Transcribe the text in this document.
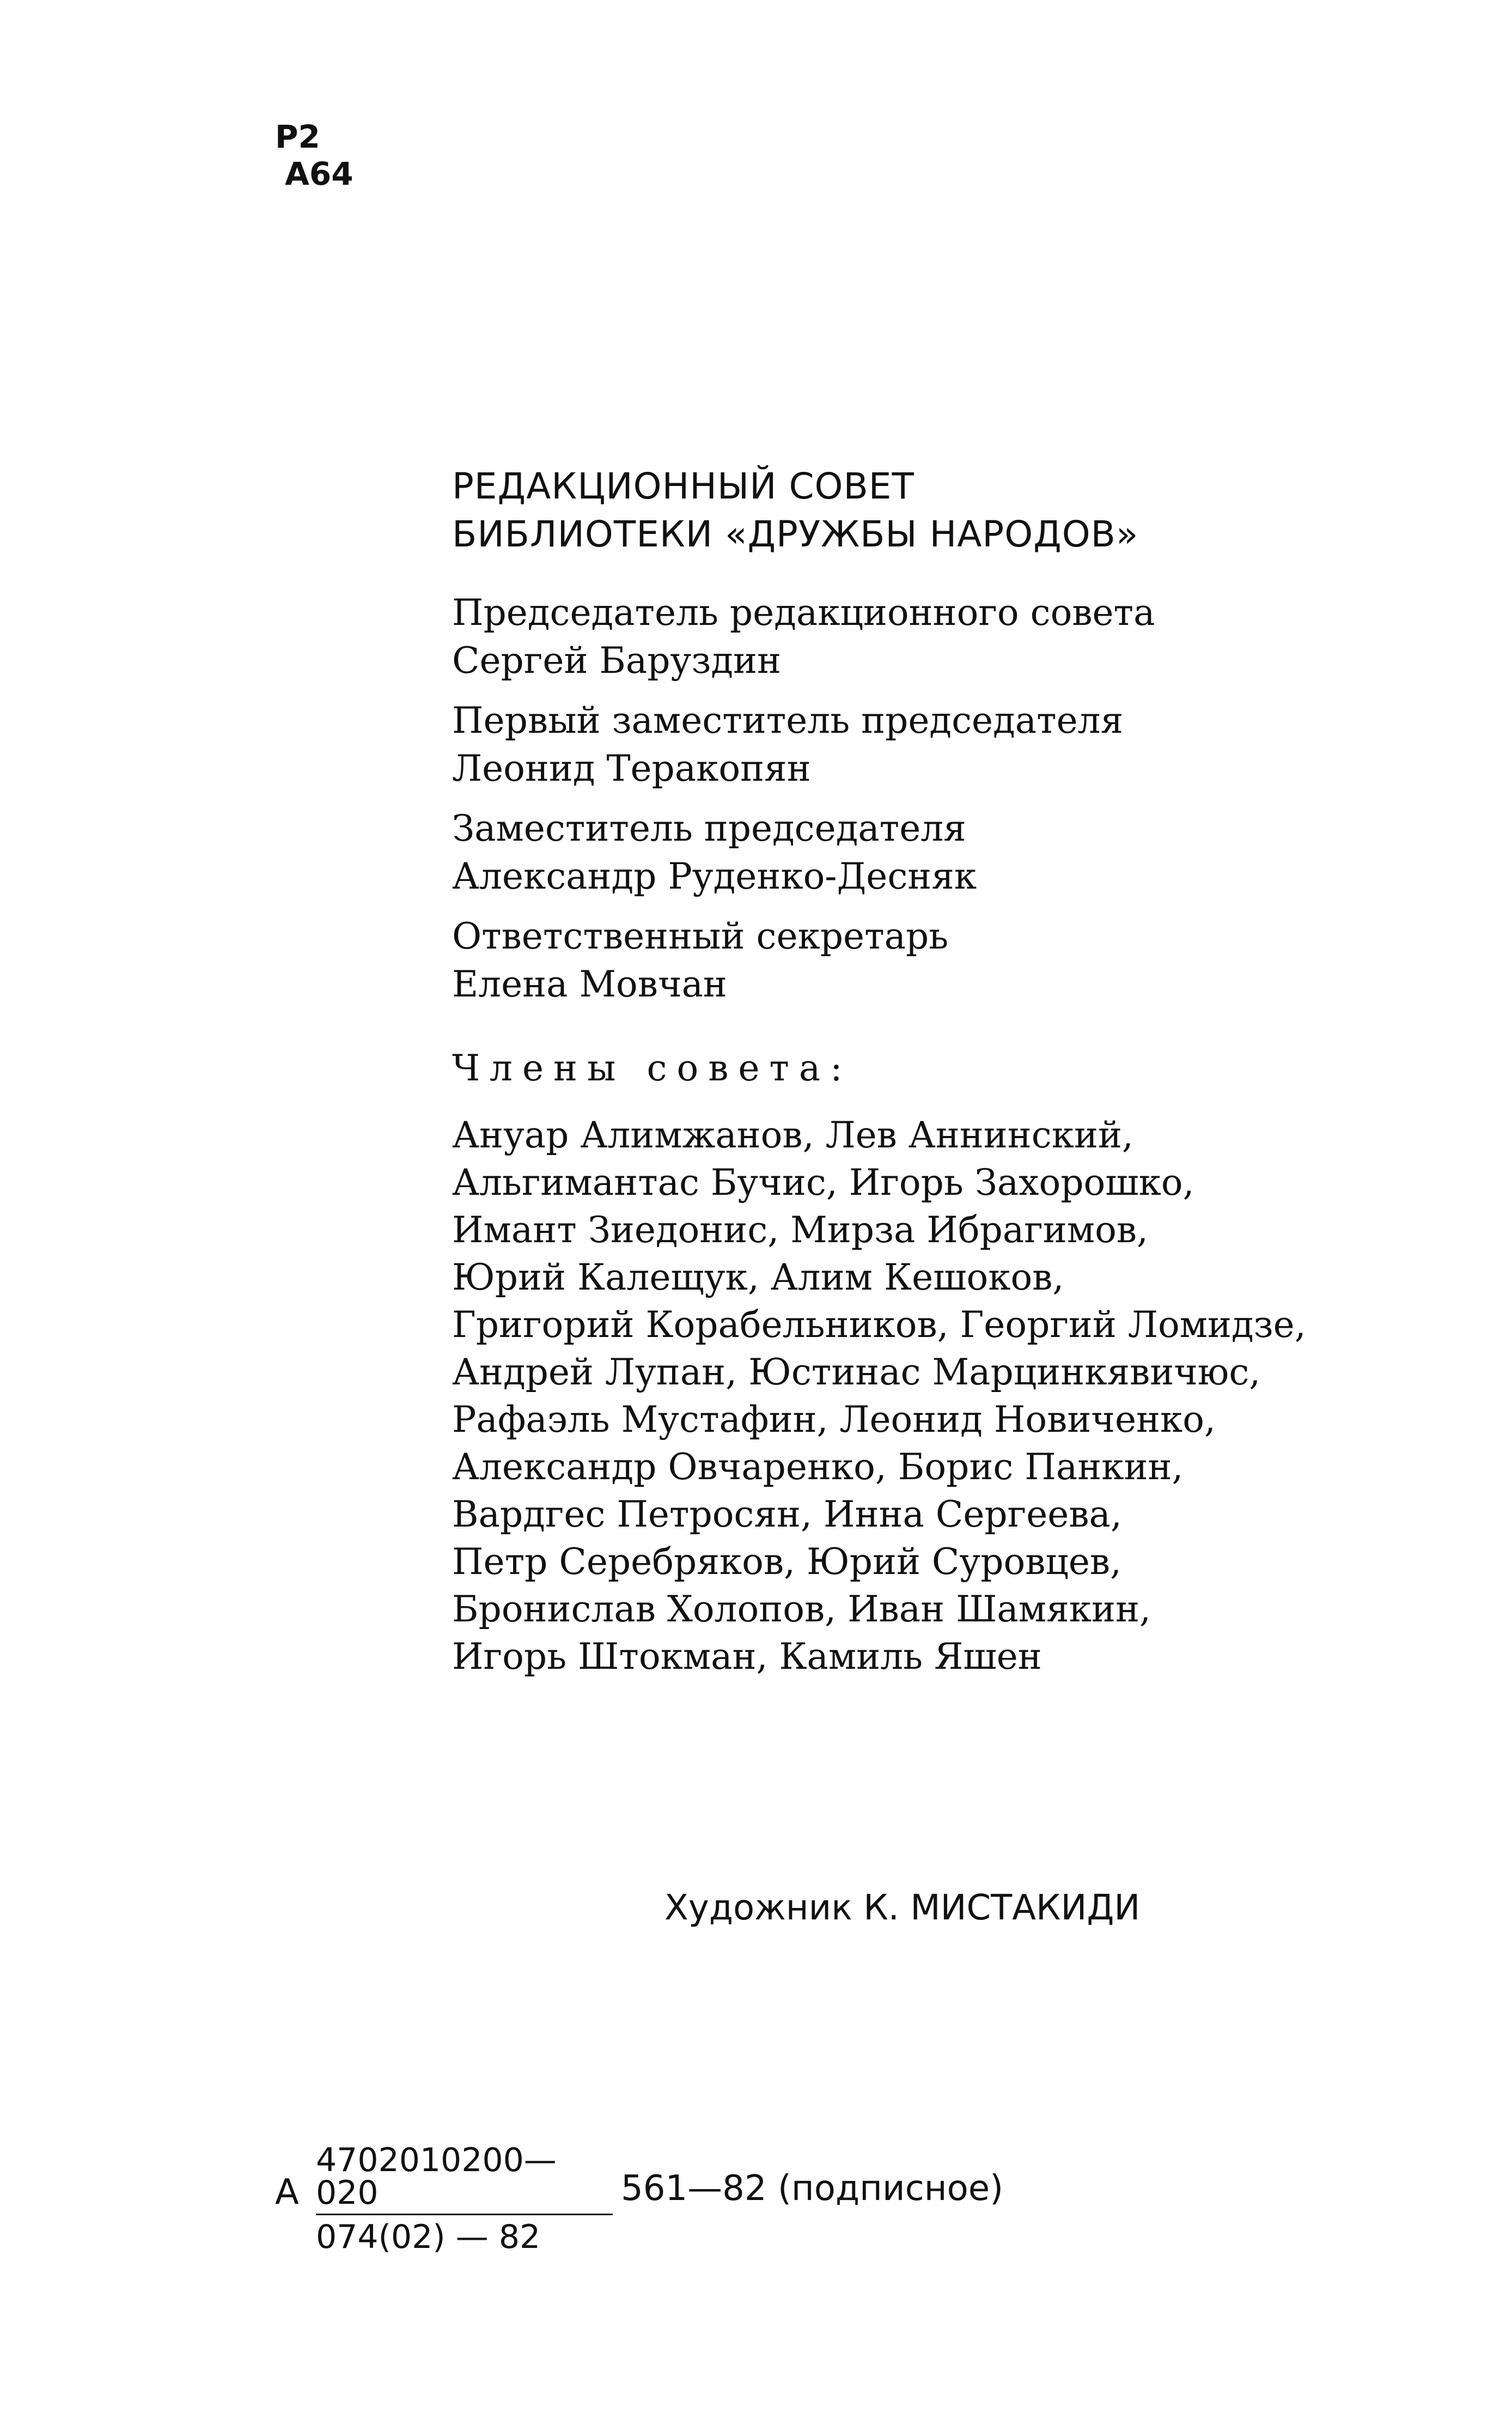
Р2
А64
РЕДАКЦИОННЫЙ СОВЕТ
БИБЛИОТЕКИ «ДРУЖБЫ НАРОДОВ»
Председатель редакционного совета
Сергей Баруздин
Первый заместитель председателя
Леонид Теракопян
Заместитель председателя
Александр Руденко-Десняк
Ответственный секретарь
Елена Мовчан
Члены совета:
Ануар Алимжанов, Лев Аннинский,
Альгимантас Бучис, Игорь Захорошко,
Имант Зиедонис, Мирза Ибрагимов,
Юрий Калещук, Алим Кешоков,
Григорий Корабельников, Георгий Ломидзе,
Андрей Лупан, Юстинас Марцинкявичюс,
Рафаэль Мустафин, Леонид Новиченко,
Александр Овчаренко, Борис Панкин,
Вардгес Петросян, Инна Сергеева,
Петр Серебряков, Юрий Суровцев,
Бронислав Холопов, Иван Шамякин,
Игорь Штокман, Камиль Яшен
Художник К. МИСТАКИДИ
А
4702010200—020
074(02) — 82
561—82 (подписное)
